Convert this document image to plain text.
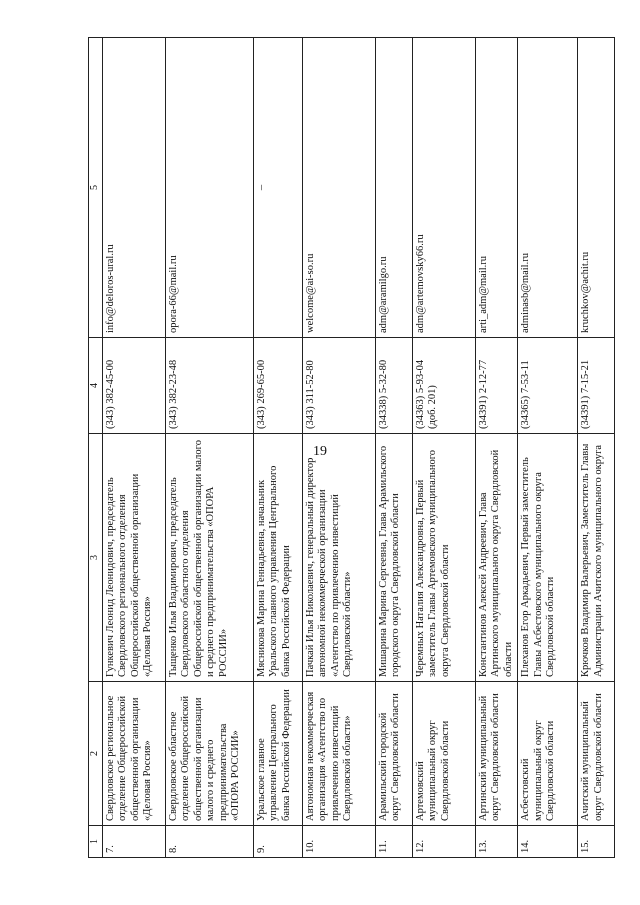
19
1	2	3	4	5
7.	Свердловское региональное отделение Общероссийской общественной организации «Деловая Россия»	Гункевич Леонид Леонидович, председатель Свердловского регионального отделения Общероссийской общественной организации «Деловая Россия»	(343) 382-45-00	info@deloros-ural.ru
8.	Свердловское областное отделение Общероссийской общественной организации малого и среднего предпринимательства «ОПОРА РОССИИ»	Тыщенко Илья Владимирович, председатель Свердловского областного отделения Общероссийской общественной организации малого и среднего предпринимательства «ОПОРА РОССИИ»	(343) 382-23-48	opora-66@mail.ru
9.	Уральское главное управление Центрального банка Российской Федерации	Мясникова Марина Геннадьевна, начальник Уральского главного управления Центрального банка Российской Федерации	(343) 269-65-00	–
10.	Автономная некоммерческая организация «Агентство по привлечению инвестиций Свердловской области»	Пачкай Илья Николаевич, генеральный директор автономной некоммерческой организации «Агентство по привлечению инвестиций Свердловской области»	(343) 311-52-80	welcome@ai-so.ru
11.	Арамильский городской округ Свердловской области	Мишарина Марина Сергеевна, Глава Арамильского городского округа Свердловской области	(34338) 5-32-80	adm@aramilgo.ru
12.	Артемовский муниципальный округ Свердловской области	Черемных Наталия Александровна, Первый заместитель Главы Артемовского муниципального округа Свердловской области	(34363) 5-93-04 (доб. 201)	adm@artemovsky66.ru
13.	Артинский муниципальный округ Свердловской области	Константинов Алексей Андреевич, Глава Артинского муниципального округа Свердловской области	(34391) 2-12-77	arti_adm@mail.ru
14.	Асбестовский муниципальный округ Свердловской области	Плеханов Егор Аркадьевич, Первый заместитель Главы Асбестовского муниципального округа Свердловской области	(34365) 7-53-11	adminasb@mail.ru
15.	Ачитский муниципальный округ Свердловской области	Крючков Владимир Валерьевич, Заместитель Главы Администрации Ачитского муниципального округа	(34391) 7-15-21	kruchkov@achit.ru
